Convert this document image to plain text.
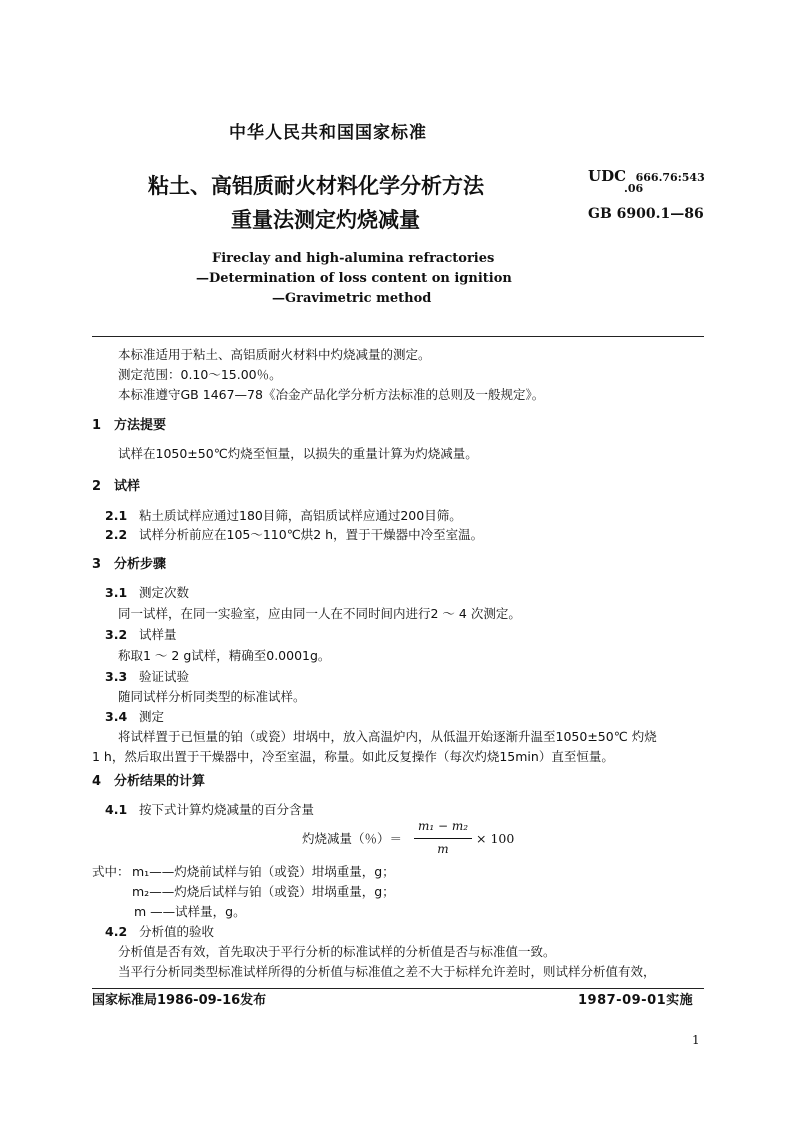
中华人民共和国国家标准
粘土、高铝质耐火材料化学分析方法
重量法测定灼烧减量
UDC 666.76:543
.06
GB 6900.1—86
Fireclay and high-alumina refractories
—Determination of loss content on ignition
—Gravimetric method
本标准适用于粘土、高铝质耐火材料中灼烧减量的测定。
测定范围：0.10～15.00％。
本标准遵守GB 1467—78《冶金产品化学分析方法标准的总则及一般规定》。
1 方法提要
试样在1050±50℃灼烧至恒量，以损失的重量计算为灼烧减量。
2 试样
2.1 粘土质试样应通过180目筛，高铝质试样应通过200目筛。
2.2 试样分析前应在105～110℃烘2 h，置于干燥器中冷至室温。
3 分析步骤
3.1 测定次数
同一试样，在同一实验室，应由同一人在不同时间内进行2 ～ 4 次测定。
3.2 试样量
称取1 ～ 2 g试样，精确至0.0001g。
3.3 验证试验
随同试样分析同类型的标准试样。
3.4 测定
将试样置于已恒量的铂（或瓷）坩埚中，放入高温炉内，从低温开始逐渐升温至1050±50℃ 灼烧
1 h，然后取出置于干燥器中，冷至室温，称量。如此反复操作（每次灼烧15min）直至恒量。
4 分析结果的计算
4.1 按下式计算灼烧减量的百分含量
灼烧减量（％）＝
m₁ − m₂
m
× 100
式中： m₁——灼烧前试样与铂（或瓷）坩埚重量，g；
m₂——灼烧后试样与铂（或瓷）坩埚重量，g；
m ——试样量，g。
4.2 分析值的验收
分析值是否有效，首先取决于平行分析的标准试样的分析值是否与标准值一致。
当平行分析同类型标准试样所得的分析值与标准值之差不大于标样允许差时，则试样分析值有效，
国家标准局1986-09-16发布	1987-09-01实施
1
